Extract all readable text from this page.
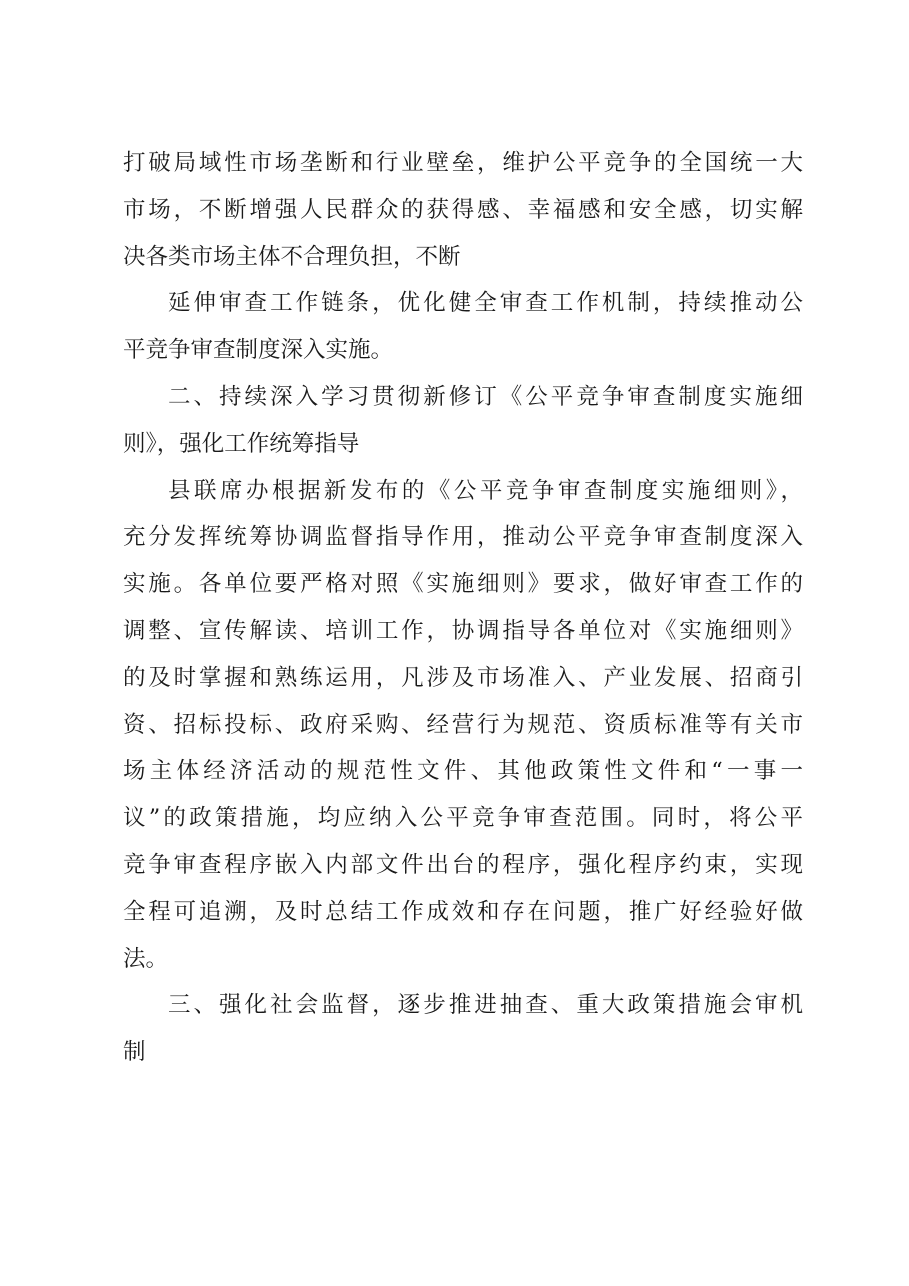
打破局域性市场垄断和行业壁垒，维护公平竞争的全国统一大
市场，不断增强人民群众的获得感、幸福感和安全感，切实解
决各类市场主体不合理负担，不断
延伸审查工作链条，优化健全审查工作机制，持续推动公
平竞争审查制度深入实施。
二、持续深入学习贯彻新修订《公平竞争审查制度实施细
则》，强化工作统筹指导
县联席办根据新发布的《公平竞争审查制度实施细则》，
充分发挥统筹协调监督指导作用，推动公平竞争审查制度深入
实施。各单位要严格对照《实施细则》要求，做好审查工作的
调整、宣传解读、培训工作，协调指导各单位对《实施细则》
的及时掌握和熟练运用，凡涉及市场准入、产业发展、招商引
资、招标投标、政府采购、经营行为规范、资质标准等有关市
场主体经济活动的规范性文件、其他政策性文件和“一事一
议”的政策措施，均应纳入公平竞争审查范围。同时，将公平
竞争审查程序嵌入内部文件出台的程序，强化程序约束，实现
全程可追溯，及时总结工作成效和存在问题，推广好经验好做
法。
三、强化社会监督，逐步推进抽查、重大政策措施会审机
制
